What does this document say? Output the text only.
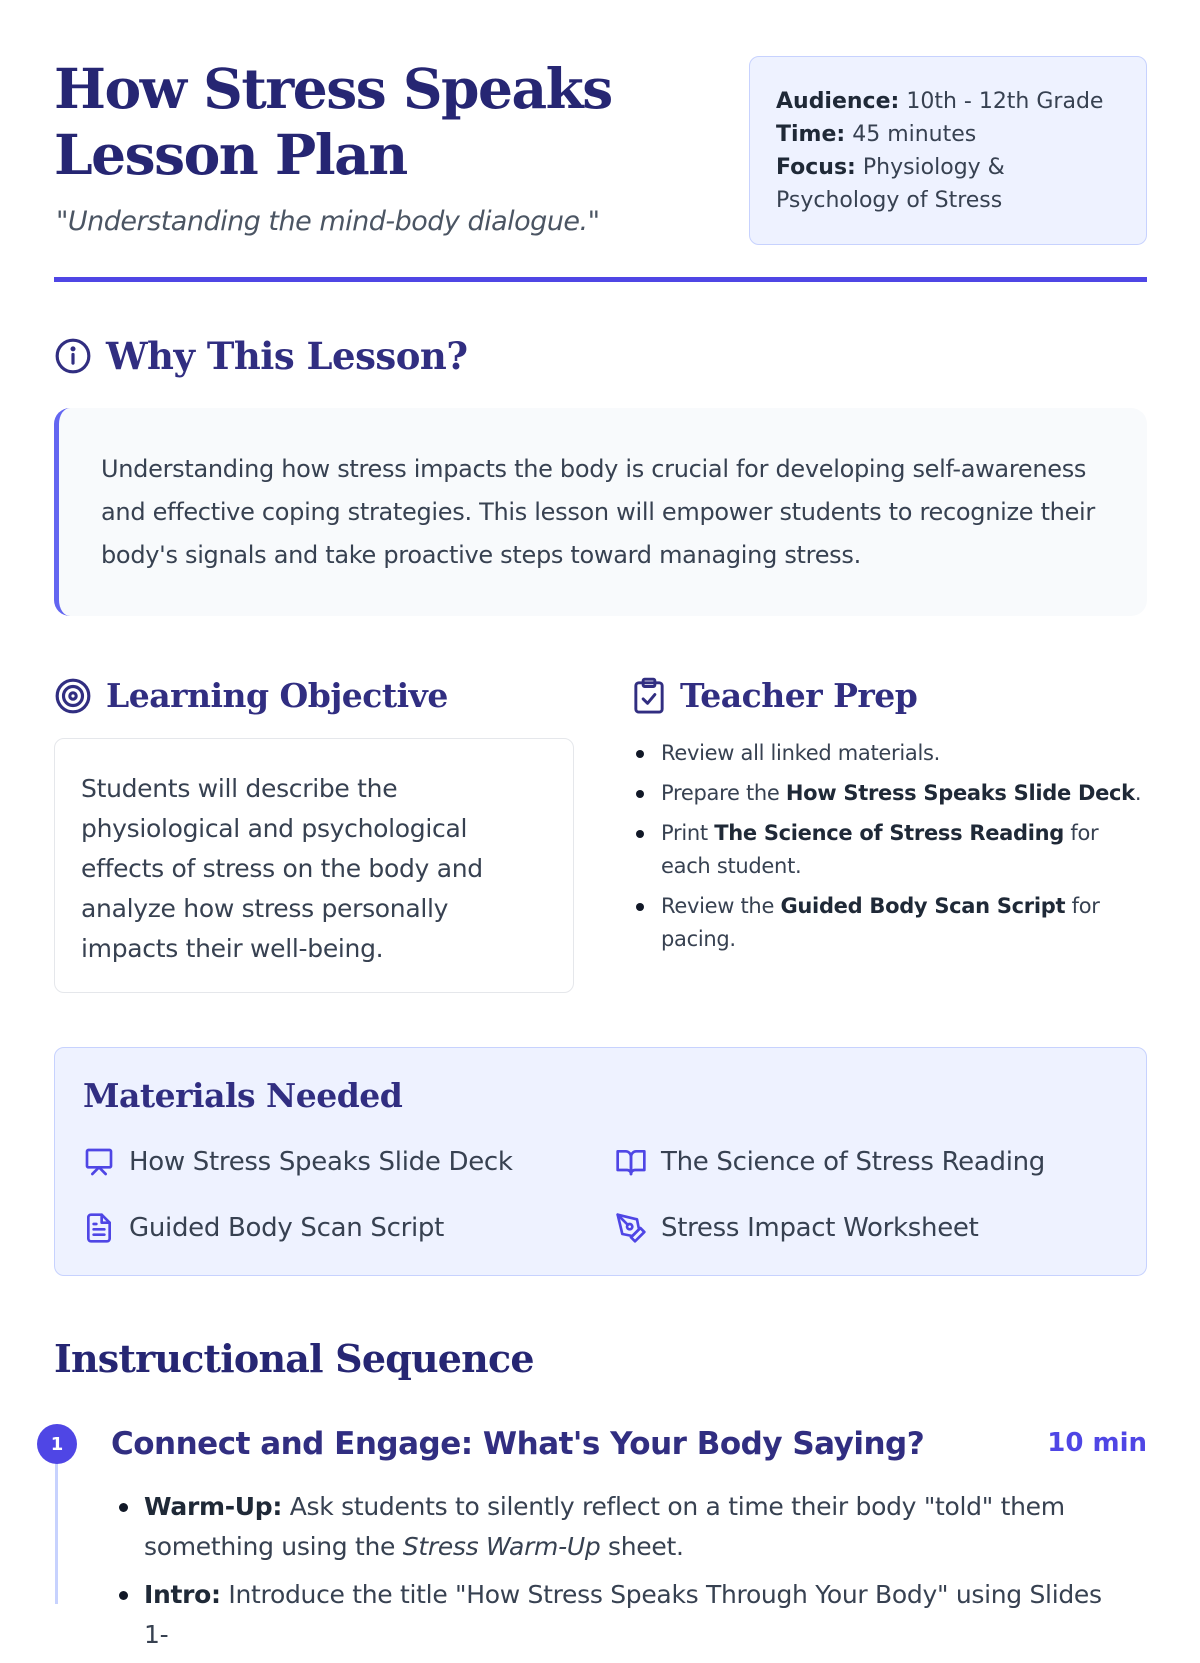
How Stress Speaks
Lesson Plan
"Understanding the mind-body dialogue."
Audience: 10th - 12th Grade
Time: 45 minutes
Focus: Physiology & Psychology of Stress
Why This Lesson?

Understanding how stress impacts the body is crucial for developing self-awareness and effective coping strategies. This lesson will empower students to recognize their body's signals and take proactive steps toward managing stress.

Learning Objective

Students will describe the physiological and psychological effects of stress on the body and analyze how stress personally impacts their well-being.

Teacher Prep
Review all linked materials.
Prepare the How Stress Speaks Slide Deck.
Print The Science of Stress Reading for each student.
Review the Guided Body Scan Script for pacing.
Materials Needed
How Stress Speaks Slide Deck	The Science of Stress Reading
Guided Body Scan Script	Stress Impact Worksheet
Instructional Sequence
1	Connect and Engage: What's Your Body Saying?	10 min
Warm-Up: Ask students to silently reflect on a time their body "told" them something using the Stress Warm-Up sheet.
Intro: Introduce the title "How Stress Speaks Through Your Body" using Slides 1-
